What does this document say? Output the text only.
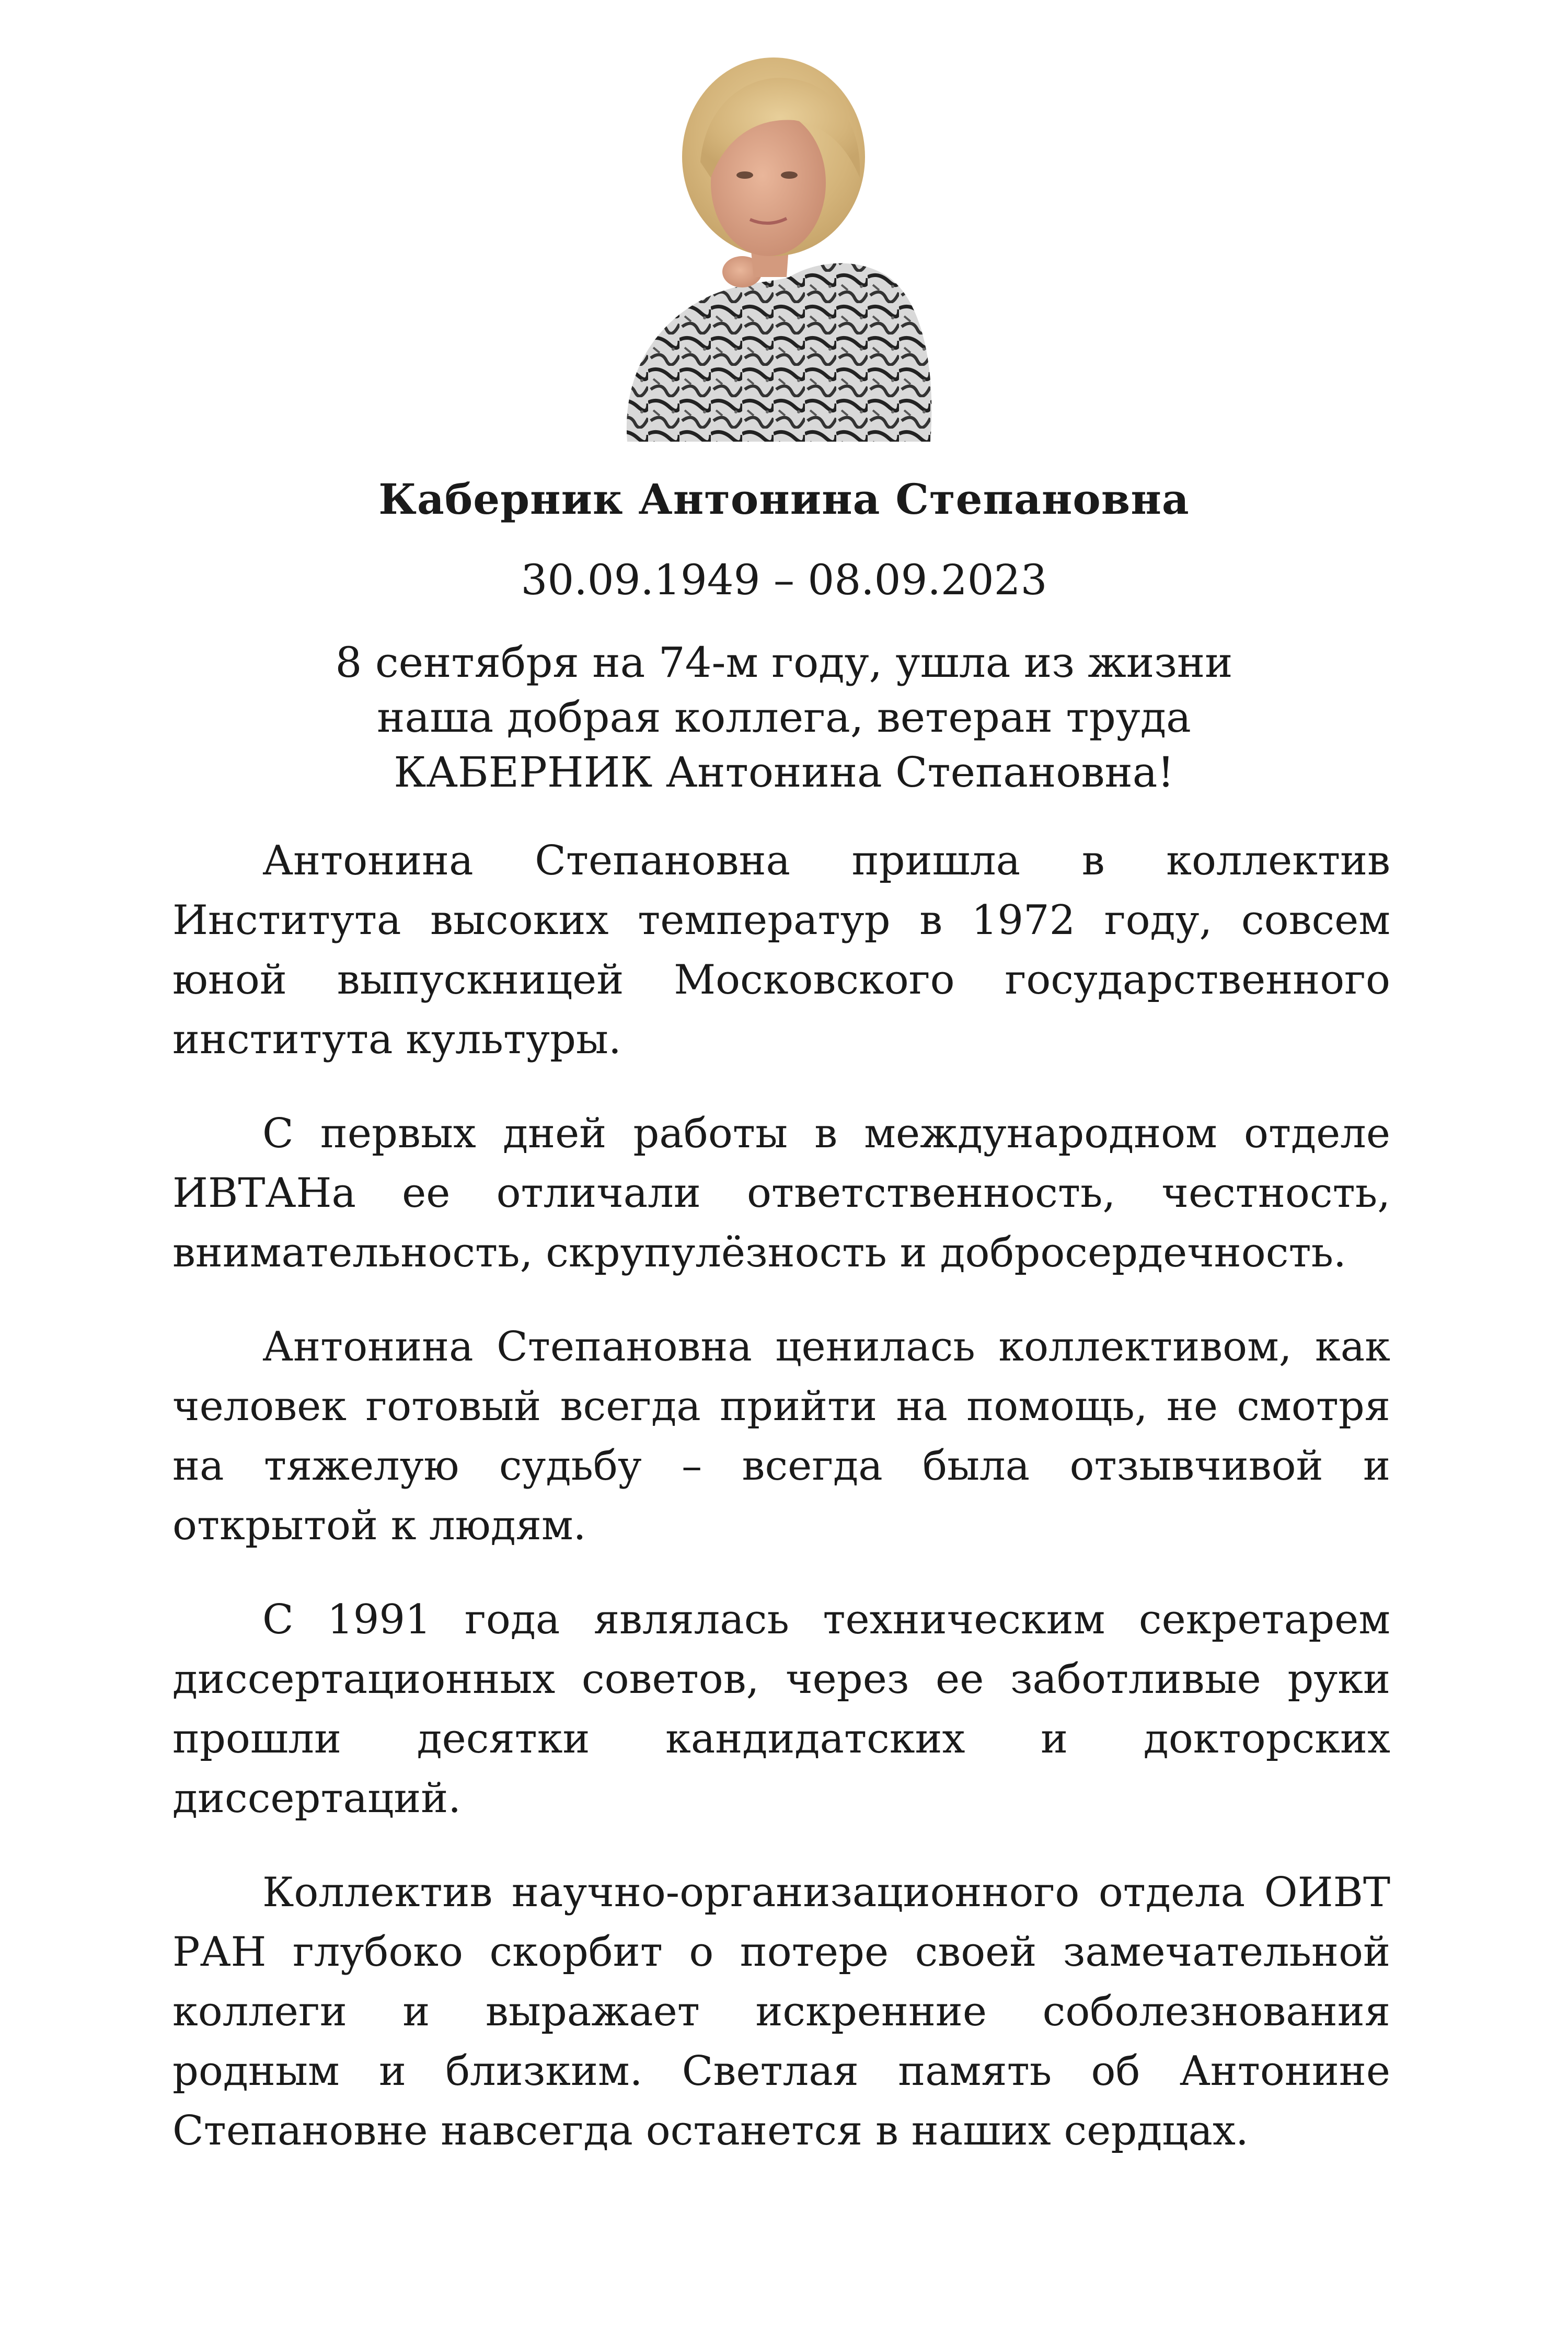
Каберник Антонина Степановна
30.09.1949 – 08.09.2023
8 сентября на 74-м году, ушла из жизни
наша добрая коллега, ветеран труда
КАБЕРНИК Антонина Степановна!

Антонина Степановна пришла в коллектив Института высоких температур в 1972 году, совсем юной выпускницей Московского государственного института культуры.

С первых дней работы в международном отделе ИВТАНа ее отличали ответственность, честность, внимательность, скрупулёзность и добросердечность.

Антонина Степановна ценилась коллективом, как человек готовый всегда прийти на помощь, не смотря на тяжелую судьбу – всегда была отзывчивой и открытой к людям.

С 1991 года являлась техническим секретарем диссертационных советов, через ее заботливые руки прошли десятки кандидатских и докторских диссертаций.

Коллектив научно-организационного отдела ОИВТ РАН глубоко скорбит о потере своей замечательной коллеги и выражает искренние соболезнования родным и близким. Светлая память об Антонине Степановне навсегда останется в наших сердцах.
